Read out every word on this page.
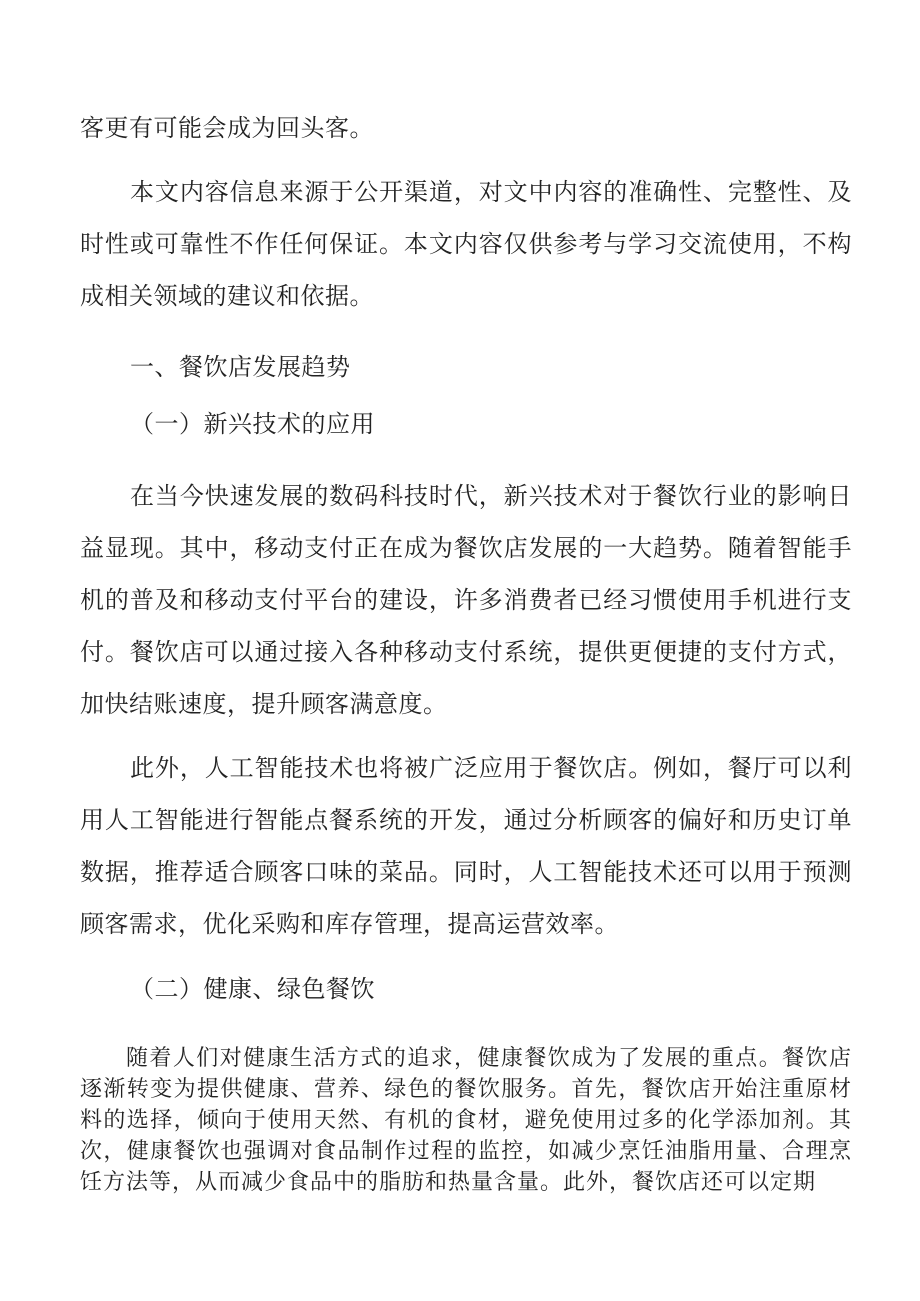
客更有可能会成为回头客。

本文内容信息来源于公开渠道，对文中内容的准确性、完整性、及时性或可靠性不作任何保证。本文内容仅供参考与学习交流使用，不构成相关领域的建议和依据。

一、餐饮店发展趋势
（一）新兴技术的应用

在当今快速发展的数码科技时代，新兴技术对于餐饮行业的影响日益显现。其中，移动支付正在成为餐饮店发展的一大趋势。随着智能手机的普及和移动支付平台的建设，许多消费者已经习惯使用手机进行支付。餐饮店可以通过接入各种移动支付系统，提供更便捷的支付方式，加快结账速度，提升顾客满意度。

此外，人工智能技术也将被广泛应用于餐饮店。例如，餐厅可以利用人工智能进行智能点餐系统的开发，通过分析顾客的偏好和历史订单数据，推荐适合顾客口味的菜品。同时，人工智能技术还可以用于预测顾客需求，优化采购和库存管理，提高运营效率。

（二）健康、绿色餐饮

随着人们对健康生活方式的追求，健康餐饮成为了发展的重点。餐饮店逐渐转变为提供健康、营养、绿色的餐饮服务。首先，餐饮店开始注重原材料的选择，倾向于使用天然、有机的食材，避免使用过多的化学添加剂。其次，健康餐饮也强调对食品制作过程的监控，如减少烹饪油脂用量、合理烹饪方法等，从而减少食品中的脂肪和热量含量。此外，餐饮店还可以定期
